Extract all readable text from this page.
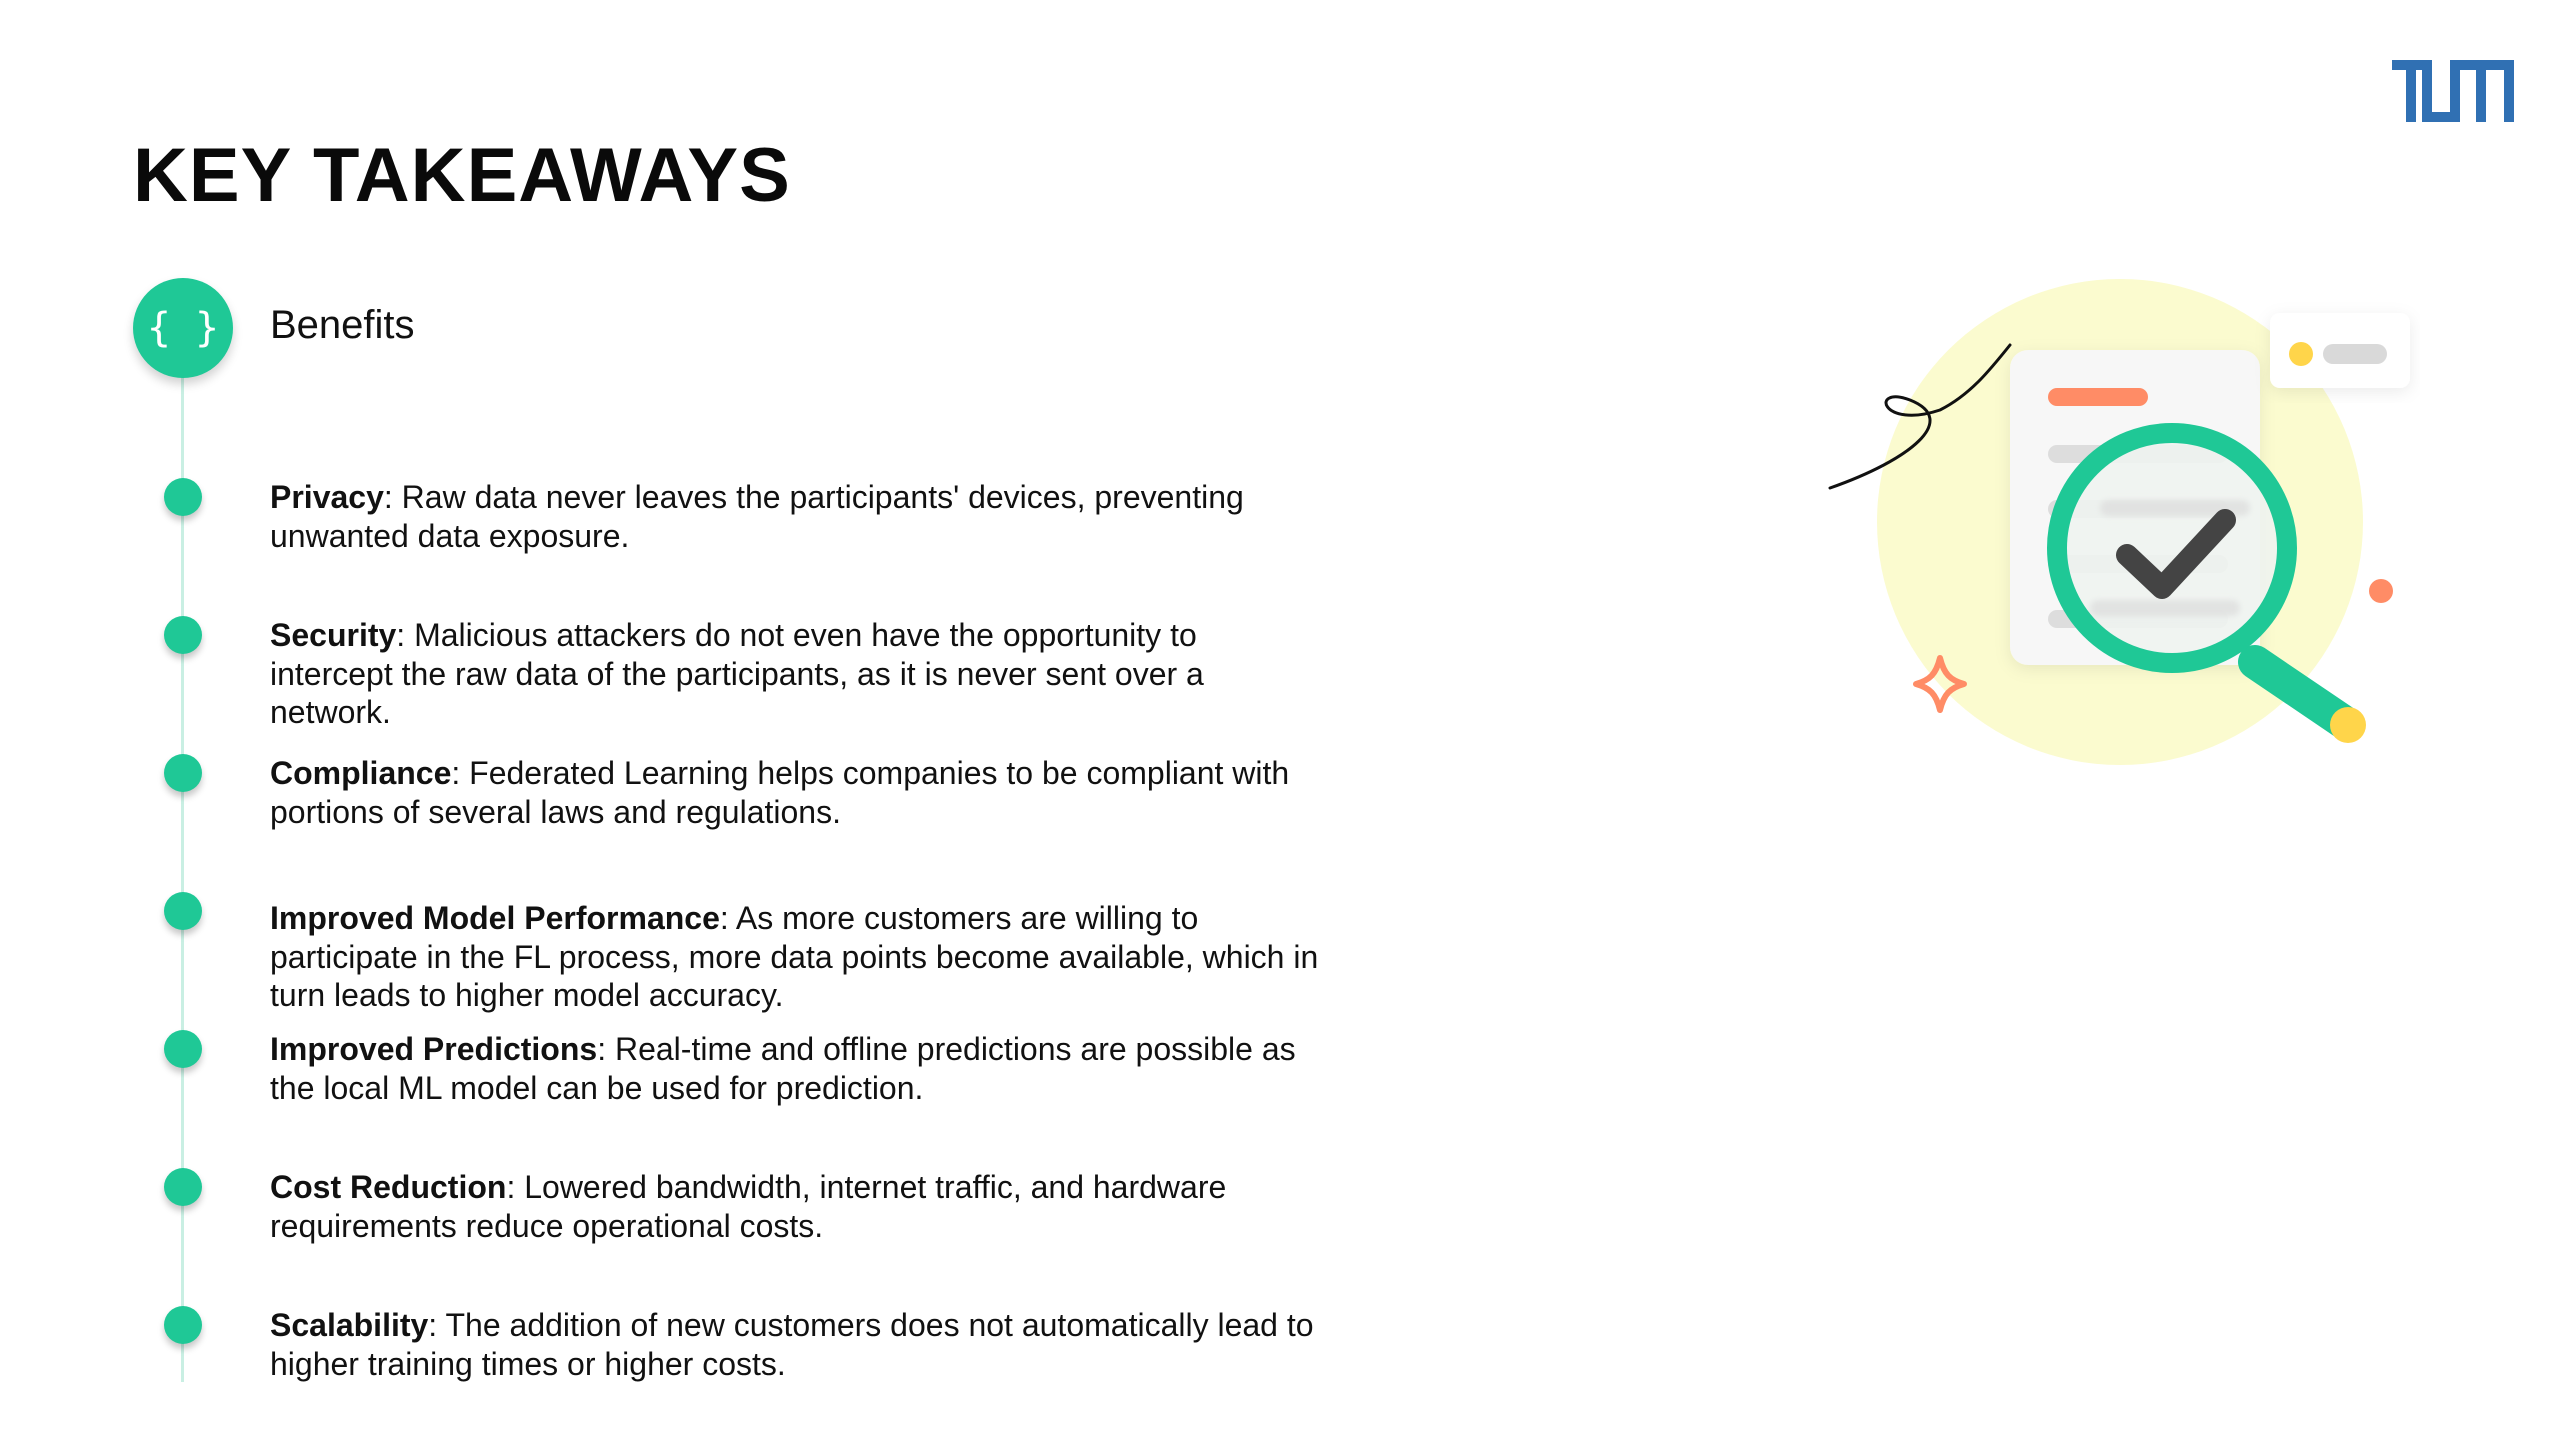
KEY TAKEAWAYS
{ }	Benefits
Privacy: Raw data never leaves the participants' devices, preventing unwanted data exposure.
Security: Malicious attackers do not even have the opportunity to intercept the raw data of the participants, as it is never sent over a network.
Compliance: Federated Learning helps companies to be compliant with portions of several laws and regulations.
Improved Model Performance: As more customers are willing to participate in the FL process, more data points become available, which in turn leads to higher model accuracy.
Improved Predictions: Real-time and offline predictions are possible as the local ML model can be used for prediction.
Cost Reduction: Lowered bandwidth, internet traffic, and hardware requirements reduce operational costs.
Scalability: The addition of new customers does not automatically lead to higher training times or higher costs.
